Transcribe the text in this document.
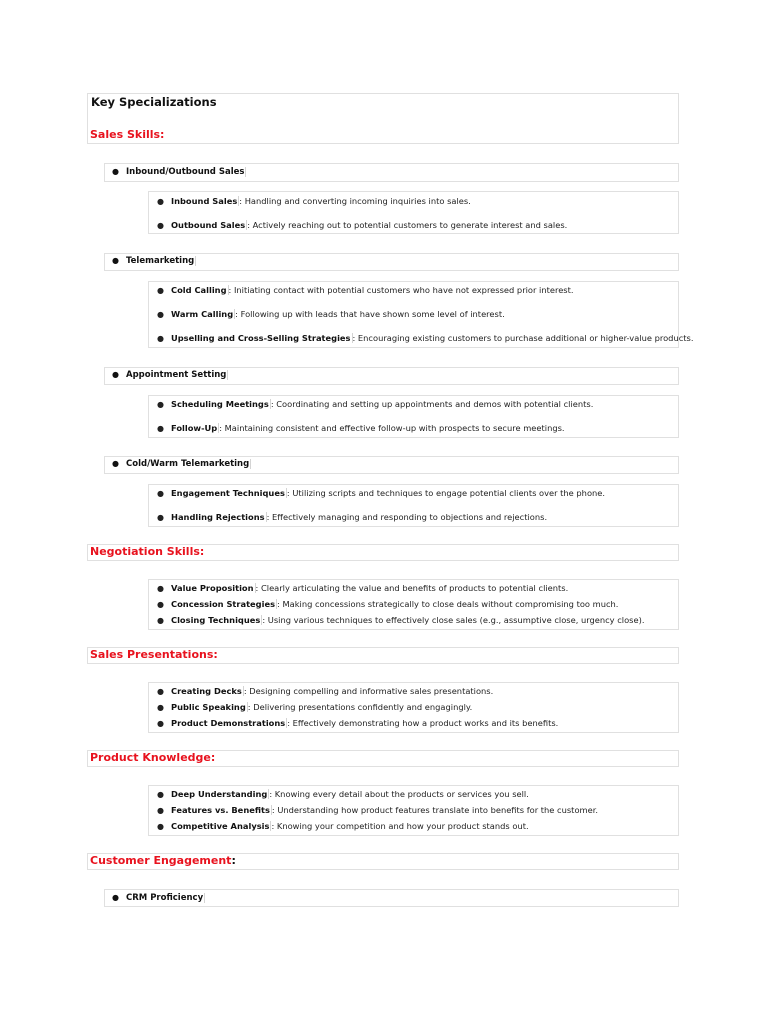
Key Specializations
Sales Skills:
● Inbound/Outbound Sales
● Inbound Sales : Handling and converting incoming inquiries into sales.
● Outbound Sales : Actively reaching out to potential customers to generate interest and sales.
● Telemarketing
● Cold Calling : Initiating contact with potential customers who have not expressed prior interest.
● Warm Calling : Following up with leads that have shown some level of interest.
● Upselling and Cross-Selling Strategies : Encouraging existing customers to purchase additional or higher-value products.
● Appointment Setting
● Scheduling Meetings : Coordinating and setting up appointments and demos with potential clients.
● Follow-Up : Maintaining consistent and effective follow-up with prospects to secure meetings.
● Cold/Warm Telemarketing
● Engagement Techniques : Utilizing scripts and techniques to engage potential clients over the phone.
● Handling Rejections : Effectively managing and responding to objections and rejections.
Negotiation Skills:
● Value Proposition : Clearly articulating the value and benefits of products to potential clients.
● Concession Strategies : Making concessions strategically to close deals without compromising too much.
● Closing Techniques : Using various techniques to effectively close sales (e.g., assumptive close, urgency close).
Sales Presentations:
● Creating Decks : Designing compelling and informative sales presentations.
● Public Speaking : Delivering presentations confidently and engagingly.
● Product Demonstrations : Effectively demonstrating how a product works and its benefits.
Product Knowledge:
● Deep Understanding : Knowing every detail about the products or services you sell.
● Features vs. Benefits : Understanding how product features translate into benefits for the customer.
● Competitive Analysis : Knowing your competition and how your product stands out.
Customer Engagement:
● CRM Proficiency
